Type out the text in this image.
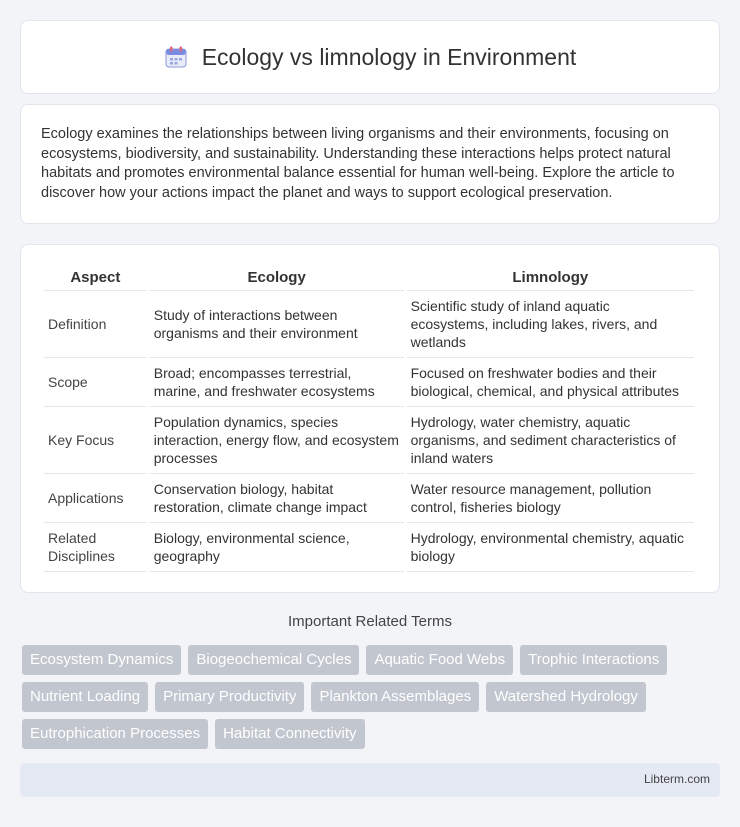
Ecology vs limnology in Environment

Ecology examines the relationships between living organisms and their environments, focusing on ecosystems, biodiversity, and sustainability. Understanding these interactions helps protect natural habitats and promotes environmental balance essential for human well-being. Explore the article to discover how your actions impact the planet and ways to support ecological preservation.

Aspect	Ecology	Limnology
Definition	Study of interactions between organisms and their environment	Scientific study of inland aquatic ecosystems, including lakes, rivers, and wetlands
Scope	Broad; encompasses terrestrial, marine, and freshwater ecosystems	Focused on freshwater bodies and their biological, chemical, and physical attributes
Key Focus	Population dynamics, species interaction, energy flow, and ecosystem processes	Hydrology, water chemistry, aquatic organisms, and sediment characteristics of inland waters
Applications	Conservation biology, habitat restoration, climate change impact	Water resource management, pollution control, fisheries biology
Related Disciplines	Biology, environmental science, geography	Hydrology, environmental chemistry, aquatic biology
Important Related Terms
Ecosystem Dynamics	Biogeochemical Cycles	Aquatic Food Webs	Trophic Interactions
Nutrient Loading	Primary Productivity	Plankton Assemblages	Watershed Hydrology
Eutrophication Processes	Habitat Connectivity
Libterm.com
